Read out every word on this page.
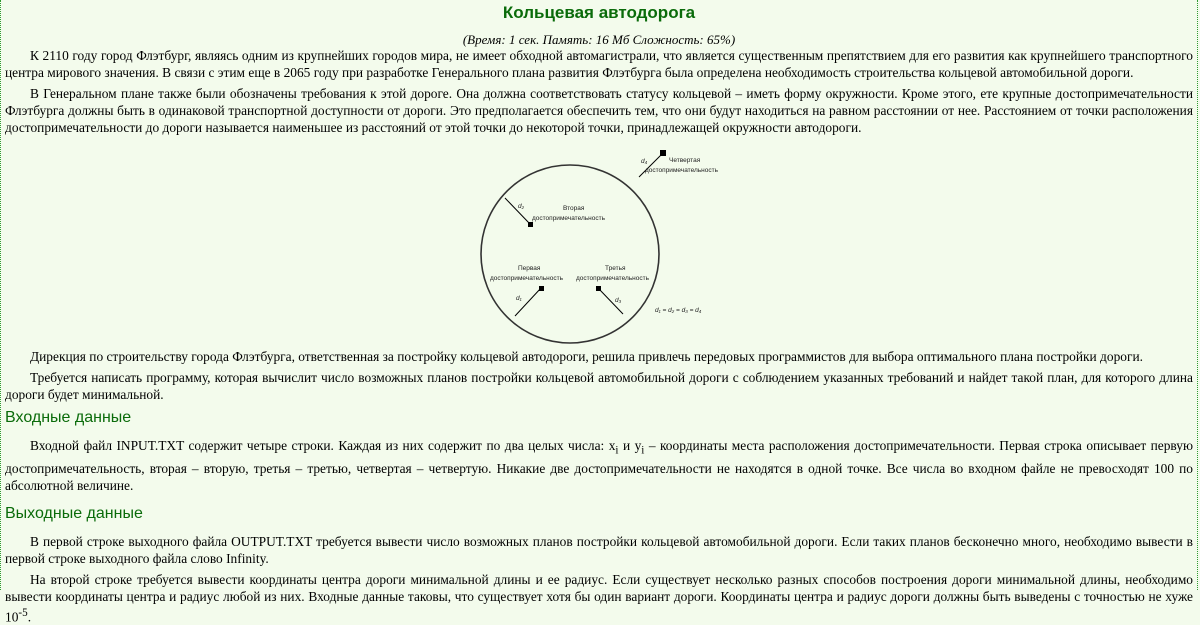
Кольцевая автодорога
(Время: 1 сек. Память: 16 Мб Сложность: 65%)

К 2110 году город Флэтбург, являясь одним из крупнейших городов мира, не имеет обходной автомагистрали, что является существенным препятствием для его развития как крупнейшего транспортного центра мирового значения. В связи с этим еще в 2065 году при разработке Генерального плана развития Флэтбурга была определена необходимость строительства кольцевой автомобильной дороги.

В Генеральном плане также были обозначены требования к этой дороге. Она должна соответствовать статусу кольцевой – иметь форму окружности. Кроме этого, eтe крупные достопримечательности Флэтбурга должны быть в одинаковой транспортной доступности от дороги. Это предполагается обеспечить тем, что они будут находиться на равном расстоянии от нее. Расстоянием от точки расположения достопримечательности до дороги называется наименьшее из расстояний от этой точки до некоторой точки, принадлежащей окружности автодороги.

d₂	Вторая
достопримечательность
Первая
достопримечательность
d₁
Третья
достопримечательность
d₃
d₄	Четвертая
достопримечательность
d₁ = d₂ = d₃ = d₄

Дирекция по строительству города Флэтбурга, ответственная за постройку кольцевой автодороги, решила привлечь передовых программистов для выбора оптимального плана постройки дороги.

Требуется написать программу, которая вычислит число возможных планов постройки кольцевой автомобильной дороги с соблюдением указанных требований и найдет такой план, для которого длина дороги будет минимальной.

Входные данные

Входной файл INPUT.TXT содержит четыре строки. Каждая из них содержит по два целых числа: $x_i$ и $y_i$ – координаты места расположения достопримечательности. Первая строка описывает первую достопримечательность, вторая – вторую, третья – третью, четвертая – четвертую. Никакие две достопримечательности не находятся в одной точке. Все числа во входном файле не превосходят 100 по абсолютной величине.

Выходные данные

В первой строке выходного файла OUTPUT.TXT требуется вывести число возможных планов постройки кольцевой автомобильной дороги. Если таких планов бесконечно много, необходимо вывести в первой строке выходного файла слово Infinity.

На второй строке требуется вывести координаты центра дороги минимальной длины и ее радиус. Если существует несколько разных способов построения дороги минимальной длины, необходимо вывести координаты центра и радиус любой из них. Входные данные таковы, что существует хотя бы один вариант дороги. Координаты центра и радиус дороги должны быть выведены с точностью не хуже $10^{-5}$.
